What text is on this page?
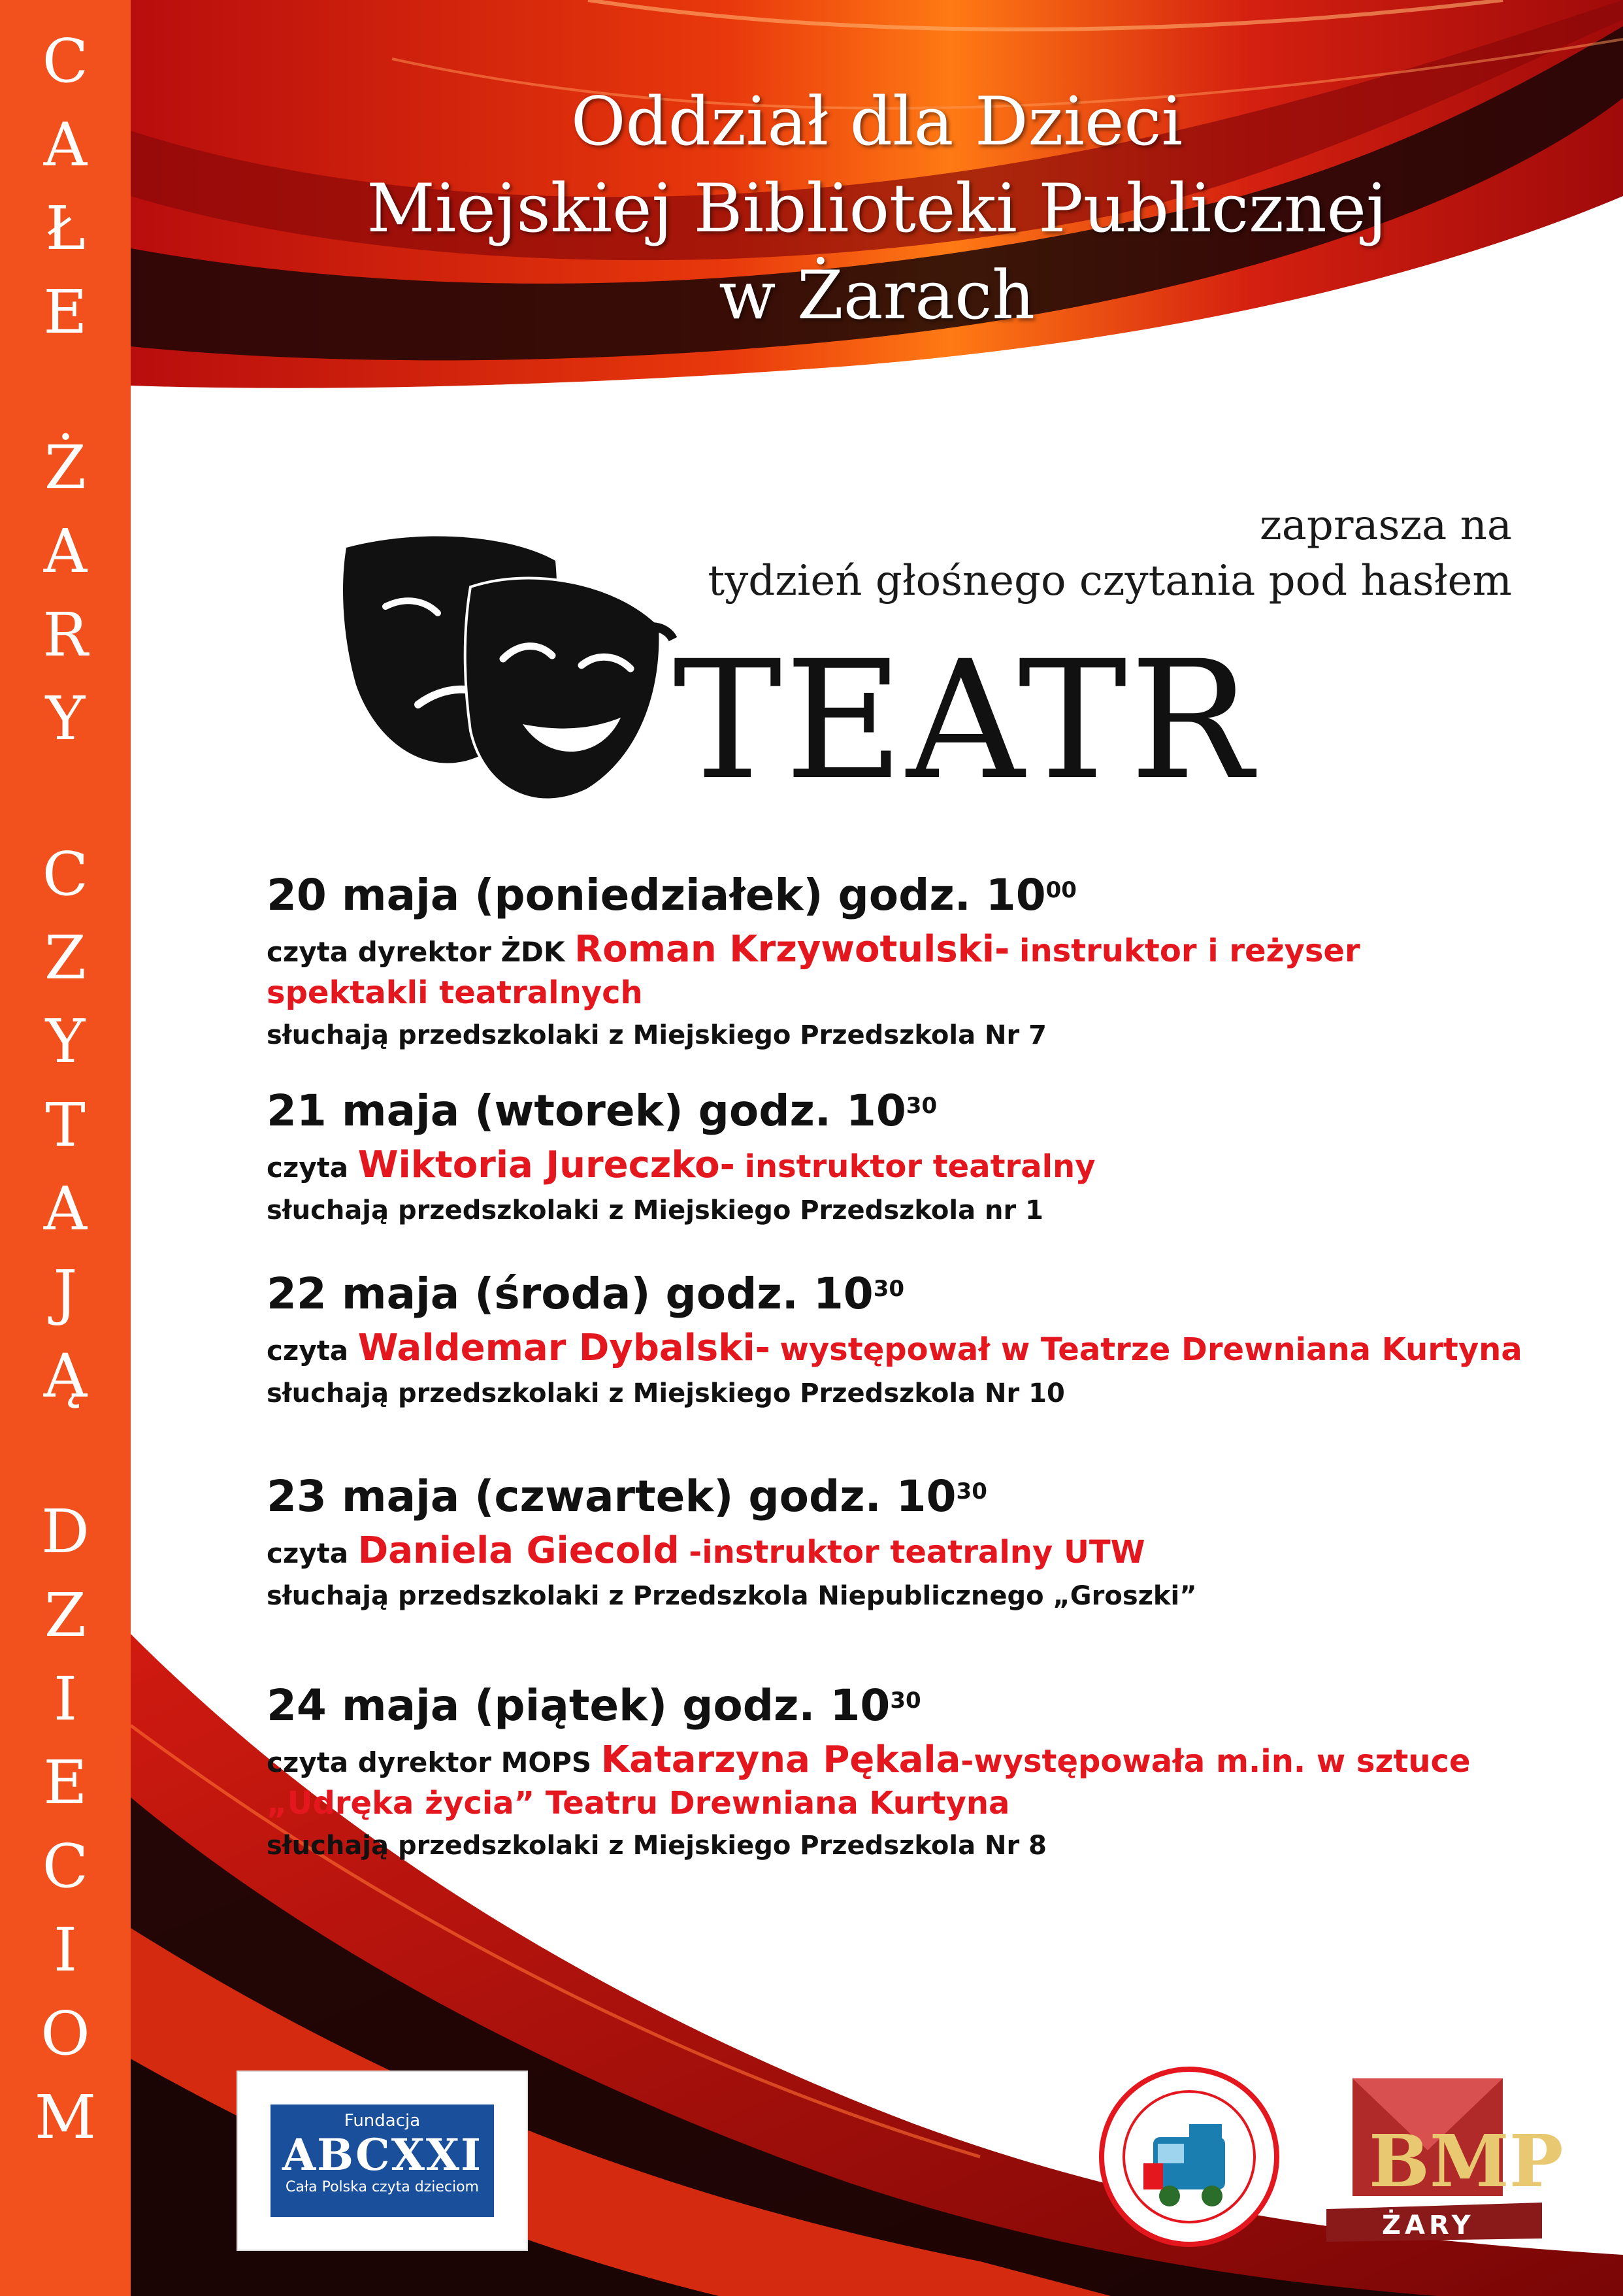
C
A
Ł
E
Ż
A
R
Y
C
Z
Y
T
A
J
Ą
D
Z
I
E
C
I
O
M
Oddział dla Dzieci
Miejskiej Biblioteki Publicznej
w Żarach
zaprasza na
tydzień głośnego czytania pod hasłem
TEATR
20 maja (poniedziałek) godz. $10^{00}$
czyta dyrektor ŻDK Roman Krzywotulski- instruktor i reżyser
spektakli teatralnych
słuchają przedszkolaki z Miejskiego Przedszkola Nr 7
21 maja (wtorek) godz. $10^{30}$
czyta Wiktoria Jureczko- instruktor teatralny
słuchają przedszkolaki z Miejskiego Przedszkola nr 1
22 maja (środa) godz. $10^{30}$
czyta Waldemar Dybalski- występował w Teatrze Drewniana Kurtyna
słuchają przedszkolaki z Miejskiego Przedszkola Nr 10
23 maja (czwartek) godz. $10^{30}$
czyta Daniela Giecold -instruktor teatralny UTW
słuchają przedszkolaki z Przedszkola Niepublicznego „Groszki”
24 maja (piątek) godz. $10^{30}$
czyta dyrektor MOPS Katarzyna Pękala-występowała m.in. w sztuce
„Udręka życia” Teatru Drewniana Kurtyna
słuchają przedszkolaki z Miejskiego Przedszkola Nr 8
Fundacja
ABCXXI
Cała Polska czyta dzieciom	BMP
ŻARY
